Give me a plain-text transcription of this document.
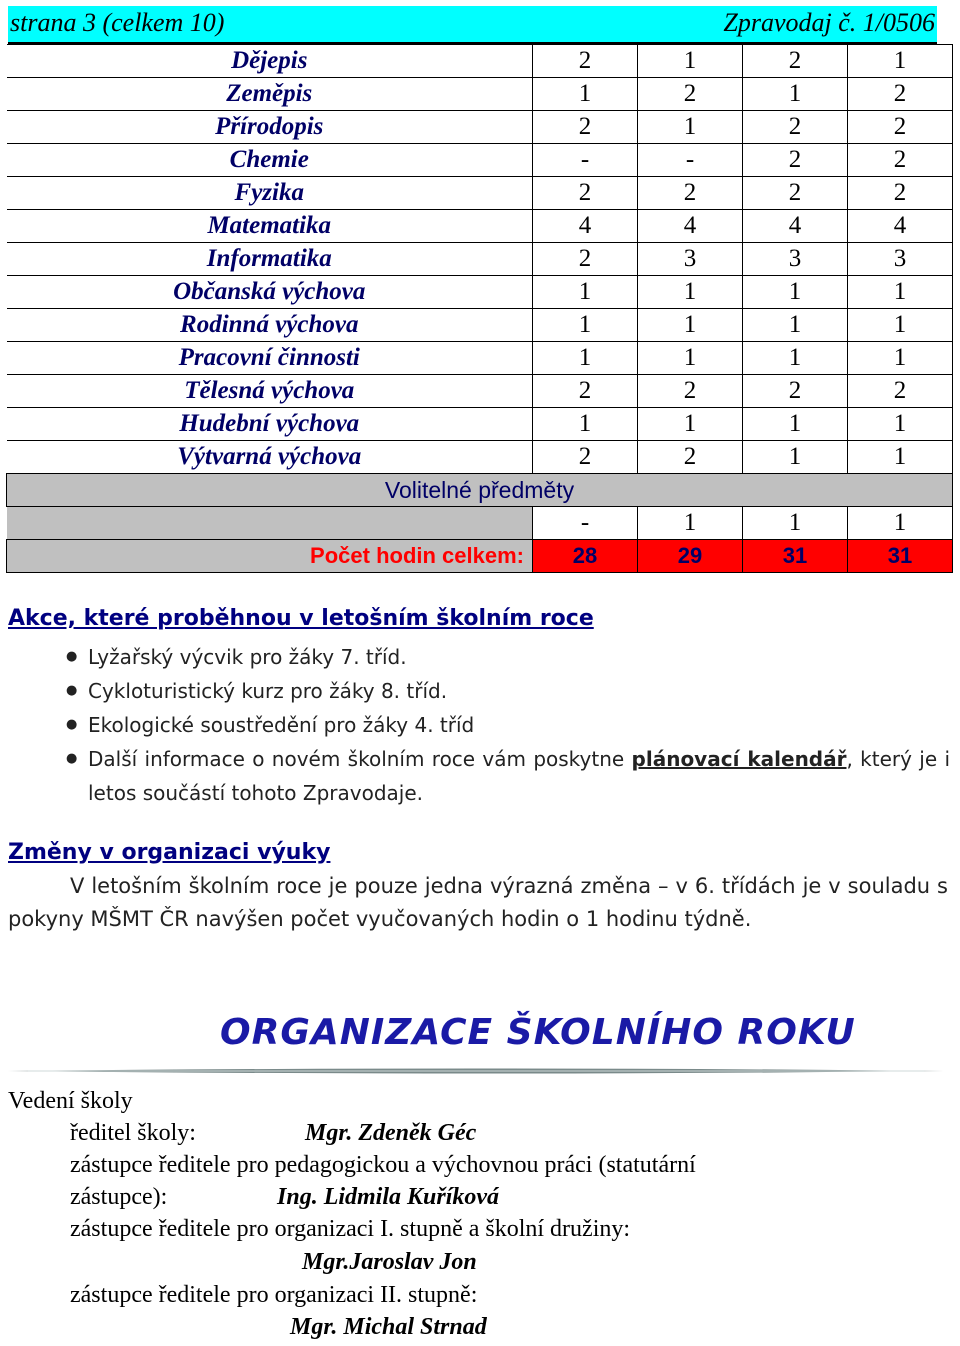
strana 3 (celkem 10)	Zpravodaj č. 1/0506
Dějepis	2	1	2	1
Zeměpis	1	2	1	2
Přírodopis	2	1	2	2
Chemie	-	-	2	2
Fyzika	2	2	2	2
Matematika	4	4	4	4
Informatika	2	3	3	3
Občanská výchova	1	1	1	1
Rodinná výchova	1	1	1	1
Pracovní činnosti	1	1	1	1
Tělesná výchova	2	2	2	2
Hudební výchova	1	1	1	1
Výtvarná výchova	2	2	1	1
Volitelné předměty				
	-	1	1	1
Počet hodin celkem:	28	29	31	31
Akce, které proběhnou v letošním školním roce
● Lyžařský výcvik pro žáky 7. tříd.
● Cykloturistický kurz pro žáky 8. tříd.
● Ekologické soustředění pro žáky 4. tříd
● Další informace o novém školním roce vám poskytne plánovací kalendář, který je i letos součástí tohoto Zpravodaje.
Změny v organizaci výuky
V letošním školním roce je pouze jedna výrazná změna – v 6. třídách je v souladu s pokyny MŠMT ČR navýšen počet vyučovaných hodin o 1 hodinu týdně.
ORGANIZACE ŠKOLNÍHO ROKU
Vedení školy
ředitel školy:	Mgr. Zdeněk Géc
zástupce ředitele pro pedagogickou a výchovnou práci (statutární
zástupce):	Ing. Lidmila Kuříková
zástupce ředitele pro organizaci I. stupně a školní družiny:
Mgr.Jaroslav Jon
zástupce ředitele pro organizaci II. stupně:
Mgr. Michal Strnad
